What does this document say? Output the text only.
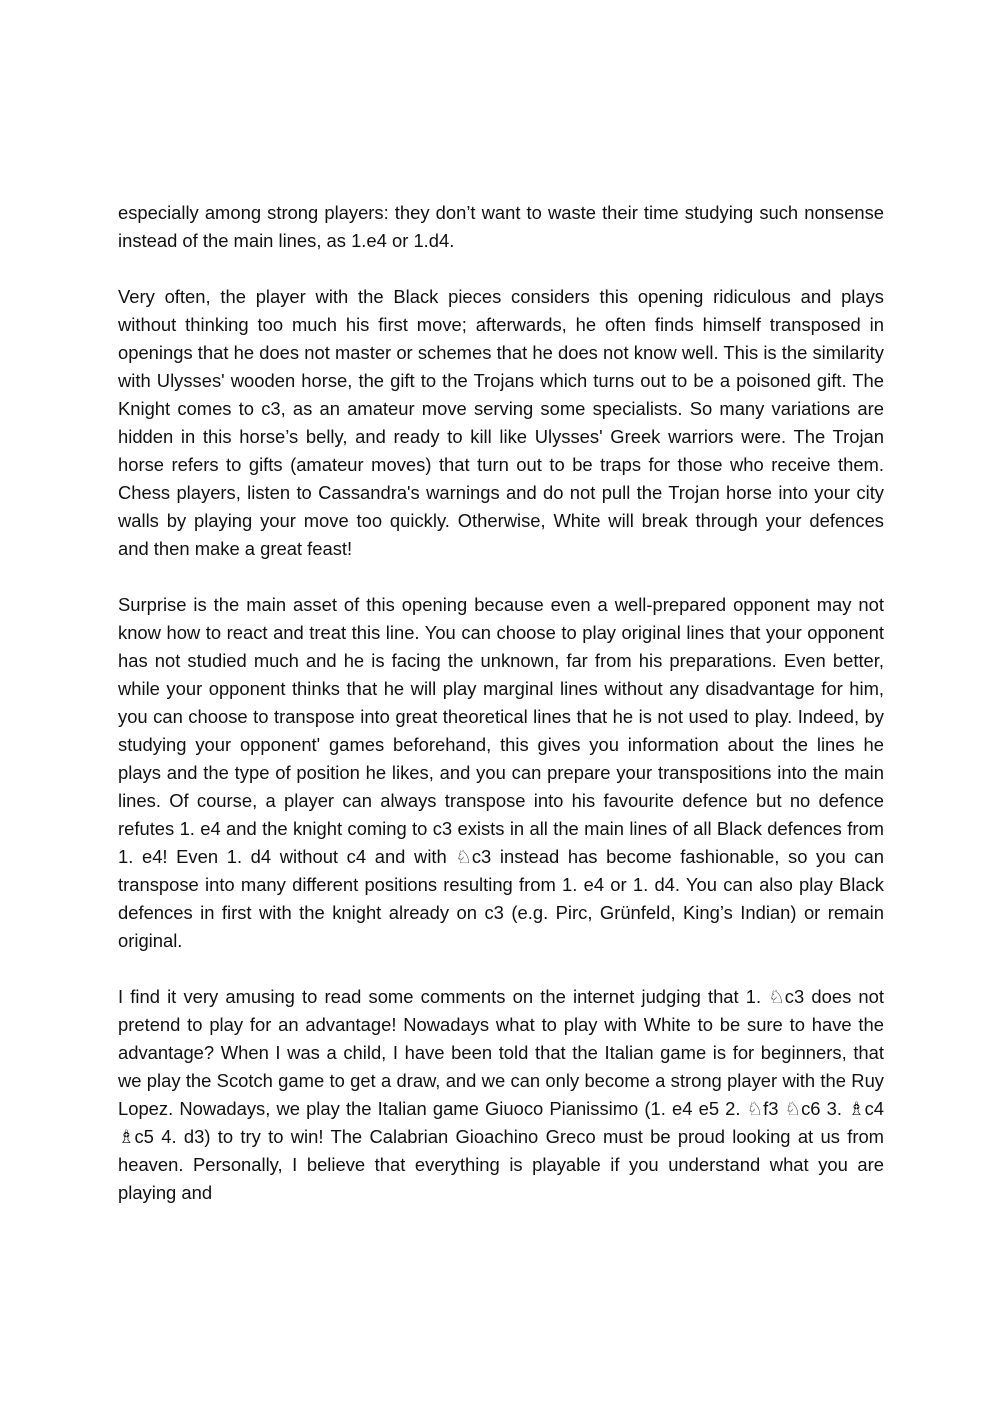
especially among strong players: they don’t want to waste their time studying such nonsense instead of the main lines, as 1.e4 or 1.d4.

Very often, the player with the Black pieces considers this opening ridiculous and plays without thinking too much his first move; afterwards, he often finds himself transposed in openings that he does not master or schemes that he does not know well. This is the similarity with Ulysses' wooden horse, the gift to the Trojans which turns out to be a poisoned gift. The Knight comes to c3, as an amateur move serving some specialists. So many variations are hidden in this horse’s belly, and ready to kill like Ulysses' Greek warriors were. The Trojan horse refers to gifts (amateur moves) that turn out to be traps for those who receive them. Chess players, listen to Cassandra's warnings and do not pull the Trojan horse into your city walls by playing your move too quickly. Otherwise, White will break through your defences and then make a great feast!

Surprise is the main asset of this opening because even a well-prepared opponent may not know how to react and treat this line. You can choose to play original lines that your opponent has not studied much and he is facing the unknown, far from his preparations. Even better, while your opponent thinks that he will play marginal lines without any disadvantage for him, you can choose to transpose into great theoretical lines that he is not used to play. Indeed, by studying your opponent' games beforehand, this gives you information about the lines he plays and the type of position he likes, and you can prepare your transpositions into the main lines. Of course, a player can always transpose into his favourite defence but no defence refutes 1. e4 and the knight coming to c3 exists in all the main lines of all Black defences from 1. e4! Even 1. d4 without c4 and with ♘c3 instead has become fashionable, so you can transpose into many different positions resulting from 1. e4 or 1. d4. You can also play Black defences in first with the knight already on c3 (e.g. Pirc, Grünfeld, King’s Indian) or remain original.

I find it very amusing to read some comments on the internet judging that 1. ♘c3 does not pretend to play for an advantage! Nowadays what to play with White to be sure to have the advantage? When I was a child, I have been told that the Italian game is for beginners, that we play the Scotch game to get a draw, and we can only become a strong player with the Ruy Lopez. Nowadays, we play the Italian game Giuoco Pianissimo (1. e4 e5 2. ♘f3 ♘c6 3. ♗c4 ♗c5 4. d3) to try to win! The Calabrian Gioachino Greco must be proud looking at us from heaven. Personally, I believe that everything is playable if you understand what you are playing and
